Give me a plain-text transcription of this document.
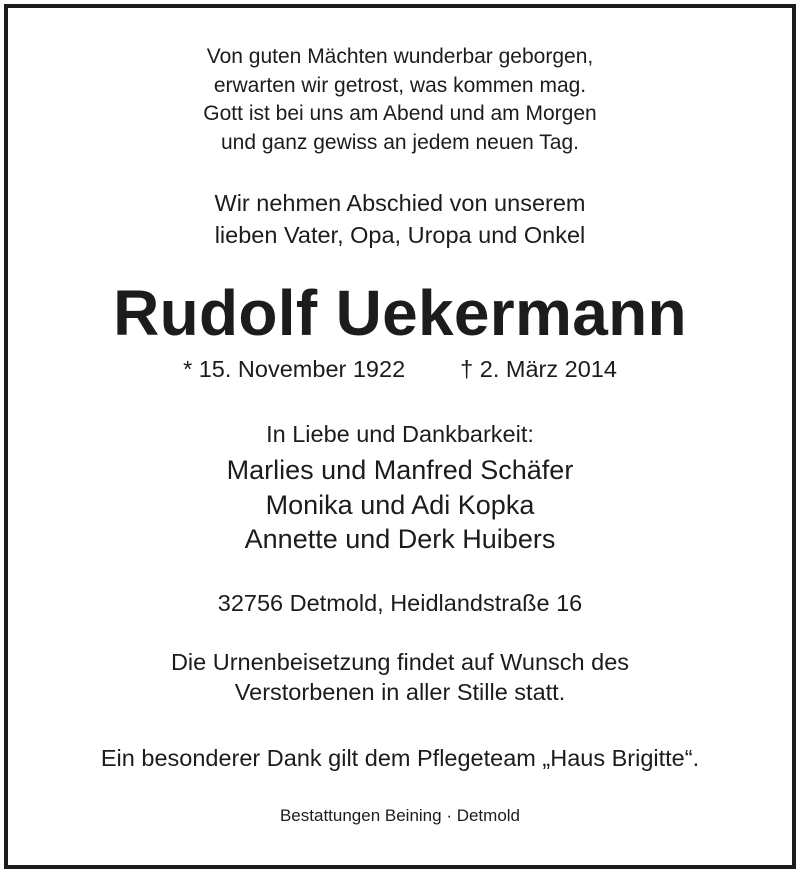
Von guten Mächten wunderbar geborgen,
erwarten wir getrost, was kommen mag.
Gott ist bei uns am Abend und am Morgen
und ganz gewiss an jedem neuen Tag.
Wir nehmen Abschied von unserem
lieben Vater, Opa, Uropa und Onkel
Rudolf Uekermann
* 15. November 1922 † 2. März 2014
In Liebe und Dankbarkeit:
Marlies und Manfred Schäfer
Monika und Adi Kopka
Annette und Derk Huibers
32756 Detmold, Heidlandstraße 16
Die Urnenbeisetzung findet auf Wunsch des
Verstorbenen in aller Stille statt.
Ein besonderer Dank gilt dem Pflegeteam „Haus Brigitte“.
Bestattungen Beining · Detmold
